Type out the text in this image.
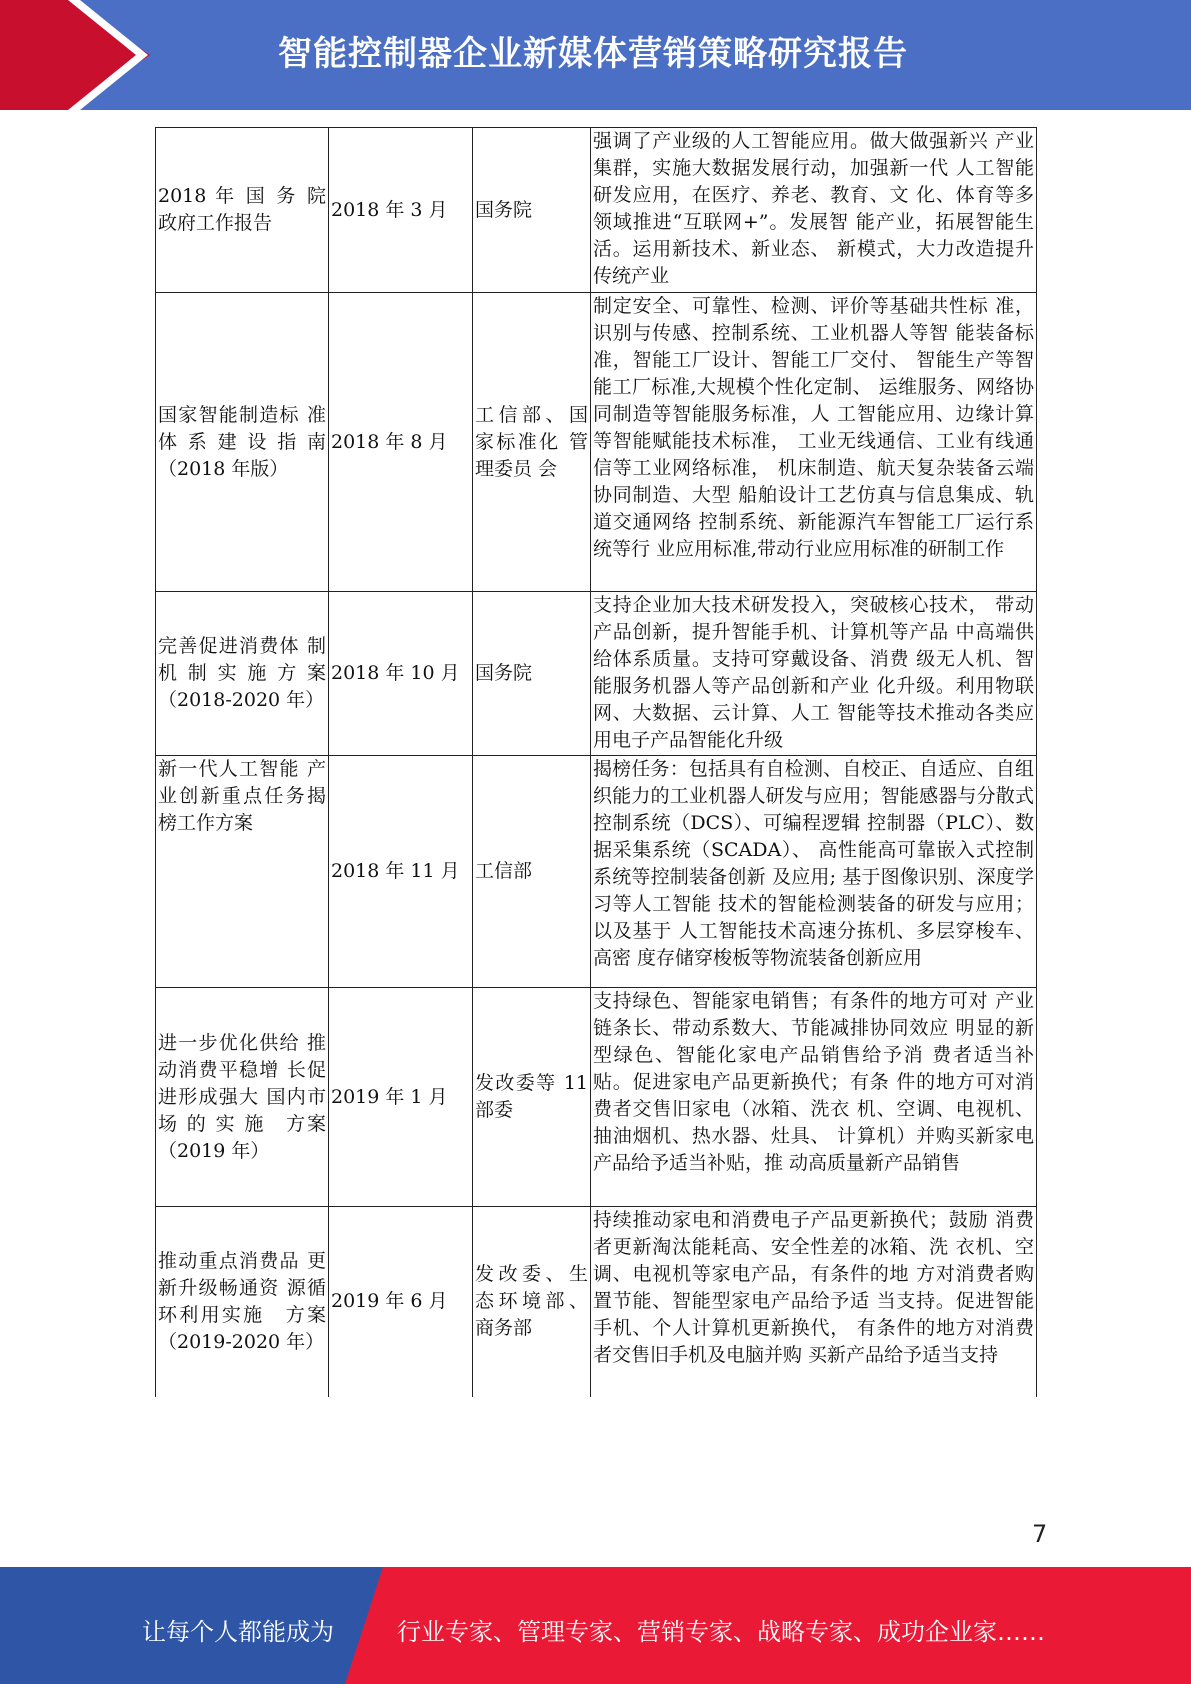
智能控制器企业新媒体营销策略研究报告
2018 年 国 务 院 政府工作报告	2018 年 3 月	国务院	强调了产业级的人工智能应用。做大做强新兴 产业集群，实施大数据发展行动，加强新一代 人工智能研发应用，在医疗、养老、教育、文 化、体育等多领域推进“互联网+”。发展智 能产业，拓展智能生活。运用新技术、新业态、 新模式，大力改造提升传统产业
国家智能制造标 准体系建设指南（2018 年版）	2018 年 8 月	工信部、国家标准化 管理委员 会	制定安全、可靠性、检测、评价等基础共性标 准，识别与传感、控制系统、工业机器人等智 能装备标准，智能工厂设计、智能工厂交付、 智能生产等智能工厂标准,大规模个性化定制、 运维服务、网络协同制造等智能服务标准，人 工智能应用、边缘计算等智能赋能技术标准， 工业无线通信、工业有线通信等工业网络标准， 机床制造、航天复杂装备云端协同制造、大型 船舶设计工艺仿真与信息集成、轨道交通网络 控制系统、新能源汽车智能工厂运行系统等行 业应用标准,带动行业应用标准的研制工作
完善促进消费体 制机制实施方案（2018-2020 年）	2018 年 10 月	国务院	支持企业加大技术研发投入，突破核心技术， 带动产品创新，提升智能手机、计算机等产品 中高端供给体系质量。支持可穿戴设备、消费 级无人机、智能服务机器人等产品创新和产业 化升级。利用物联网、大数据、云计算、人工 智能等技术推动各类应用电子产品智能化升级
新一代人工智能 产业创新重点任务揭榜工作方案	2018 年 11 月	工信部	揭榜任务：包括具有自检测、自校正、自适应、自组织能力的工业机器人研发与应用；智能感器与分散式控制系统（DCS）、可编程逻辑 控制器（PLC）、数据采集系统（SCADA）、 高性能高可靠嵌入式控制系统等控制装备创新 及应用; 基于图像识别、深度学习等人工智能 技术的智能检测装备的研发与应用；以及基于 人工智能技术高速分拣机、多层穿梭车、高密 度存储穿梭板等物流装备创新应用
进一步优化供给 推动消费平稳增 长促进形成强大 国内市场 的 实 施　方案（2019 年）	2019 年 1 月	发改委等 11 部委	支持绿色、智能家电销售；有条件的地方可对 产业链条长、带动系数大、节能减排协同效应 明显的新型绿色、智能化家电产品销售给予消 费者适当补贴。促进家电产品更新换代；有条 件的地方可对消费者交售旧家电（冰箱、洗衣 机、空调、电视机、抽油烟机、热水器、灶具、 计算机）并购买新家电产品给予适当补贴，推 动高质量新产品销售
推动重点消费品 更新升级畅通资 源循环利用实施　方案（2019-2020 年）	2019 年 6 月	发改委、生态环境部、商务部	持续推动家电和消费电子产品更新换代；鼓励 消费者更新淘汰能耗高、安全性差的冰箱、洗 衣机、空调、电视机等家电产品，有条件的地 方对消费者购置节能、智能型家电产品给予适 当支持。促进智能手机、个人计算机更新换代， 有条件的地方对消费者交售旧手机及电脑并购 买新产品给予适当支持
7
让每个人都能成为	行业专家、管理专家、营销专家、战略专家、成功企业家……
